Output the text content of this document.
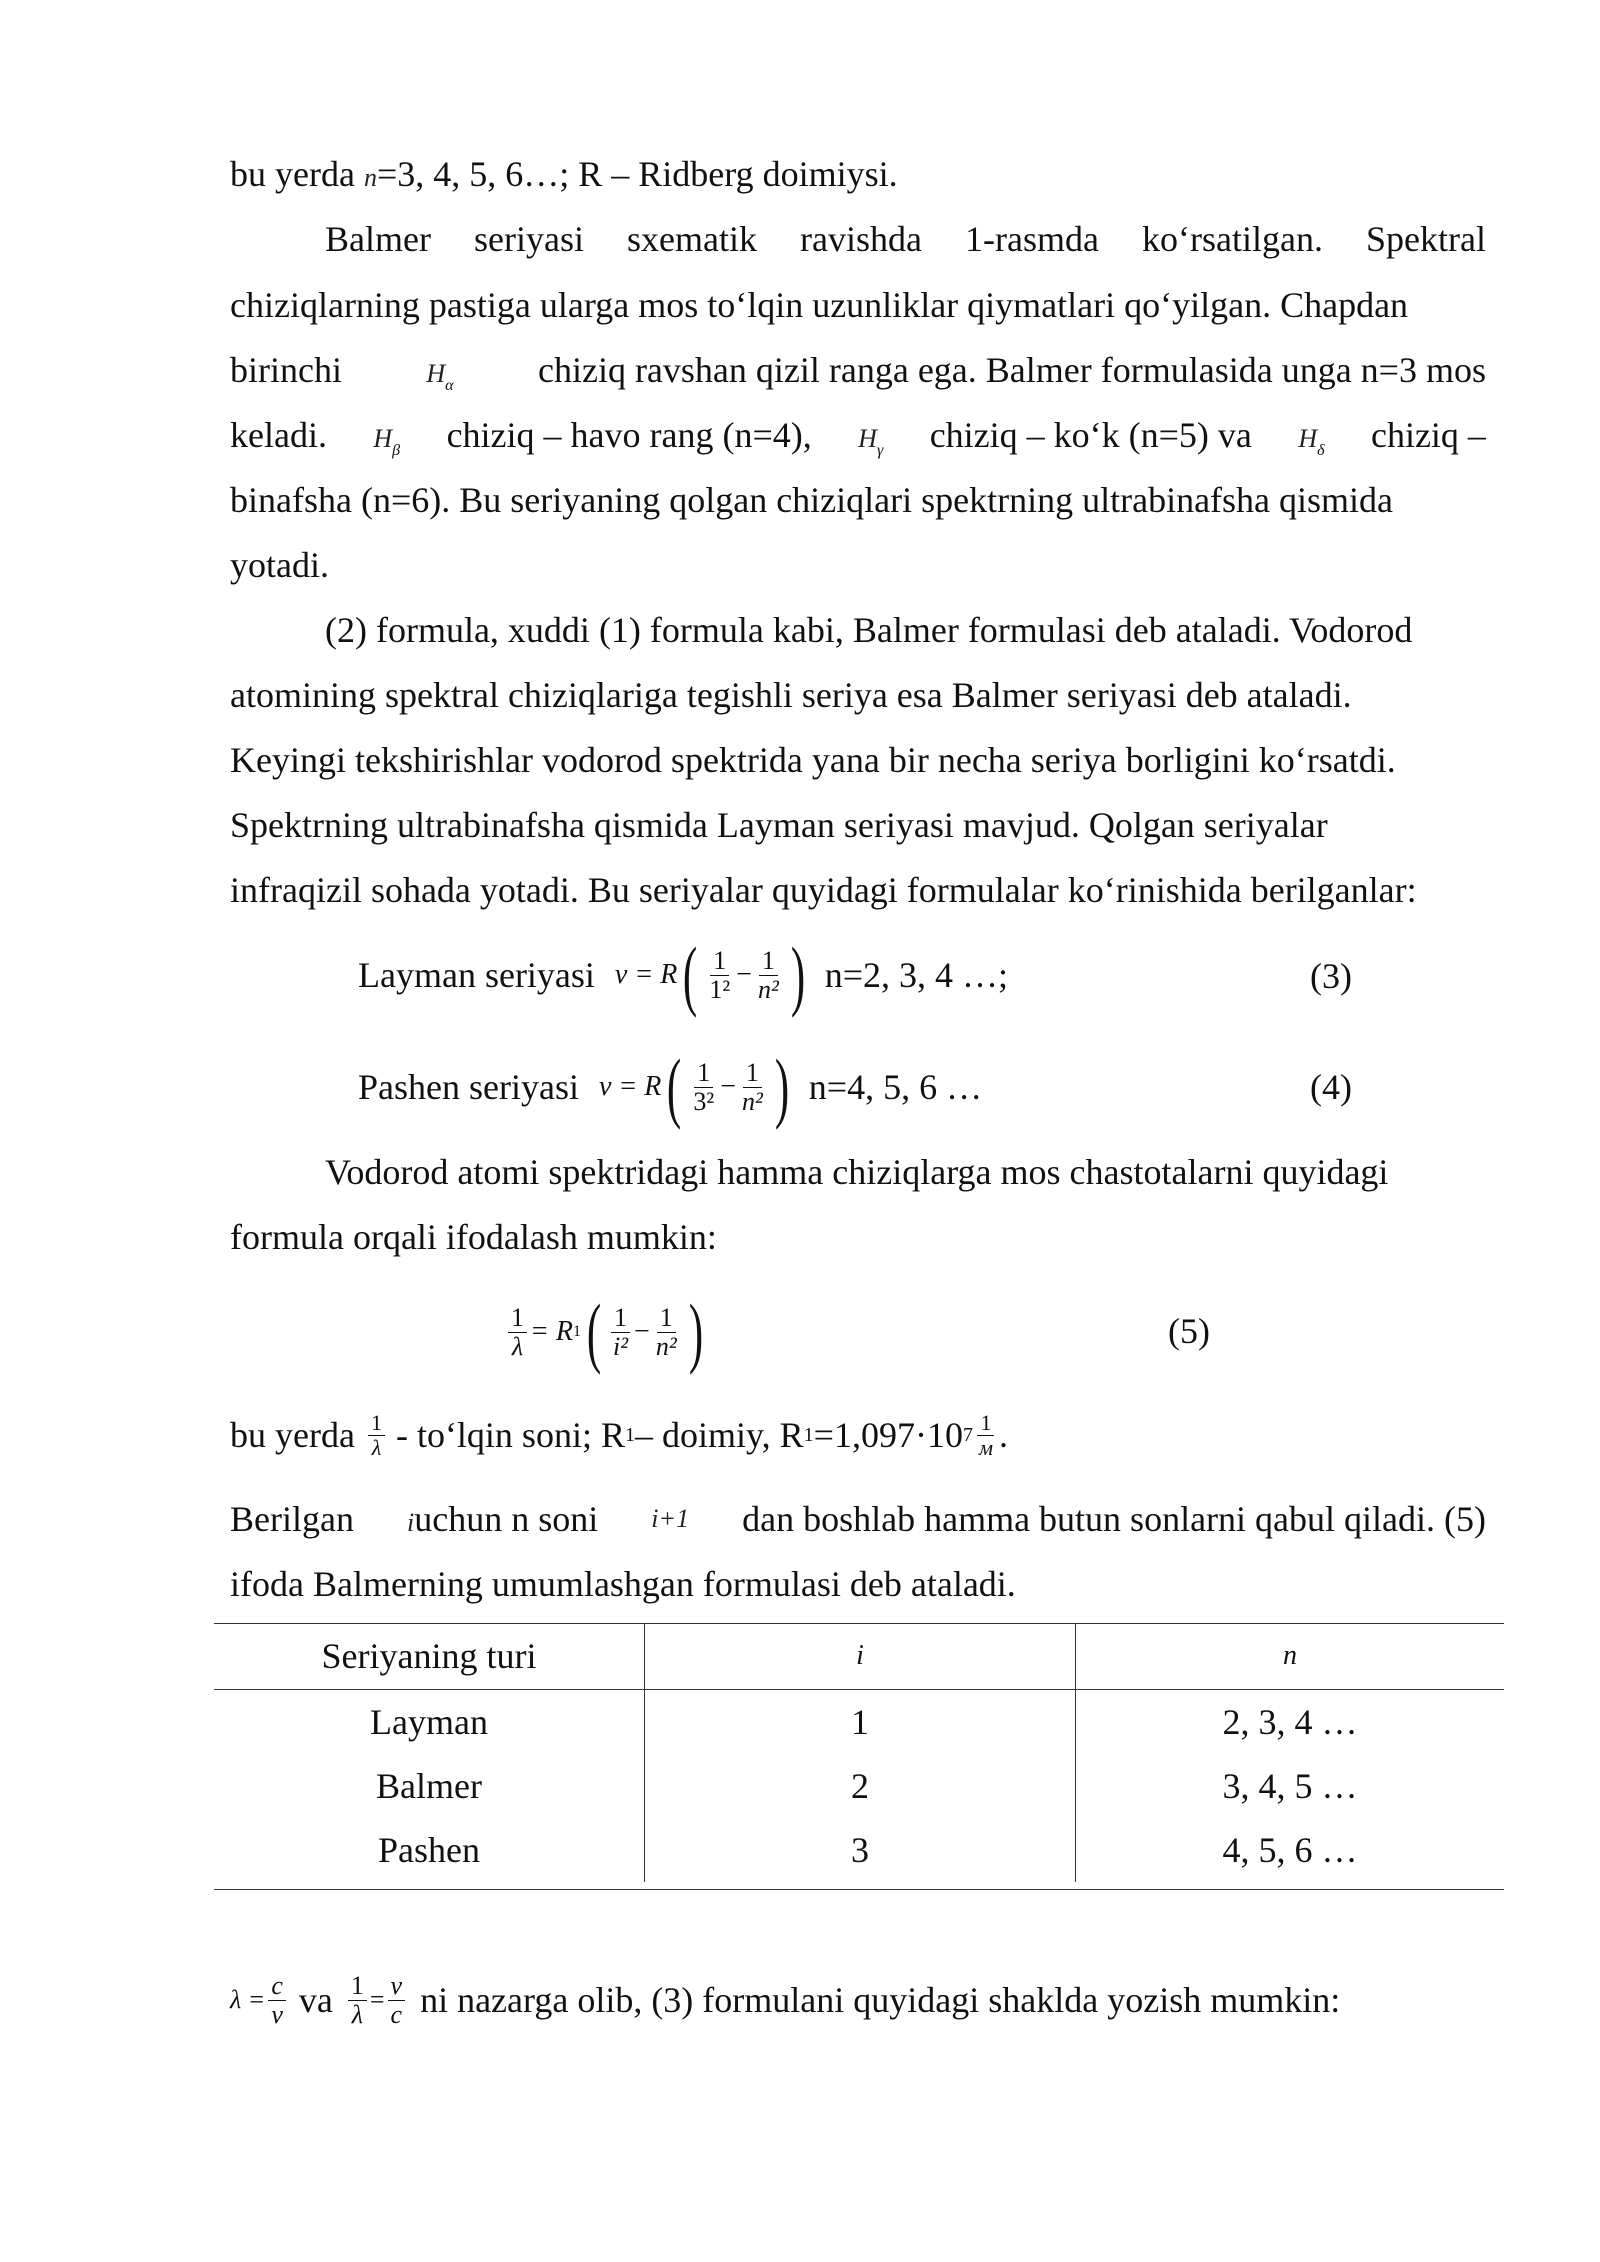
bu yerda n=3, 4, 5, 6…; R – Ridberg doimiysi.
Balmer seriyasi sxematik ravishda 1-rasmda ko‘rsatilgan. Spektral
chiziqlarning pastiga ularga mos to‘lqin uzunliklar qiymatlari qo‘yilgan. Chapdan
birinchi	$H_\alpha$ chiziq ravshan qizil ranga ega. Balmer formulasida unga n=3 mos
keladi. $H_\beta$ chiziq – havo rang (n=4), $H_\gamma$ chiziq – ko‘k (n=5) va $H_\delta$ chiziq –
binafsha (n=6). Bu seriyaning qolgan chiziqlari spektrning ultrabinafsha qismida
yotadi.
(2) formula, xuddi (1) formula kabi, Balmer formulasi deb ataladi. Vodorod
atomining spektral chiziqlariga tegishli seriya esa Balmer seriyasi deb ataladi.
Keyingi tekshirishlar vodorod spektrida yana bir necha seriya borligini ko‘rsatdi.
Spektrning ultrabinafsha qismida Layman seriyasi mavjud. Qolgan seriyalar
infraqizil sohada yotadi. Bu seriyalar quyidagi formulalar ko‘rinishida berilganlar:
Layman seriyasi ν = R ( $\frac{1}{\text{1²}} - \frac{1}{\text{n²}}$ ) n=2, 3, 4 …;	(3)
Pashen seriyasi ν = R ( $\frac{1}{\text{3²}} - \frac{1}{\text{n²}}$ ) n=4, 5, 6 …	(4)
Vodorod atomi spektridagi hamma chiziqlarga mos chastotalarni quyidagi
formula orqali ifodalash mumkin:
$\frac{1}{\lambda} = R$ 1 ( $\frac{1}{\text{i²}} - \frac{1}{\text{n²}}$ )	(5)
bu yerda $\frac{1}{\lambda}$ - to‘lqin soni; R 1 – doimiy, R 1 =1,097·10 $7 \frac{1}{м}$ .
Berilgan iuchun n soni i+1 dan boshlab hamma butun sonlarni qabul qiladi. (5)
ifoda Balmerning umumlashgan formulasi deb ataladi.
Seriyaning turi	i	n
Layman	1	2, 3, 4 …
Balmer	2	3, 4, 5 …
Pashen	3	4, 5, 6 …
$\lambda = \frac{c}{\nu}$ va $\frac{1}{\lambda} = \frac{\nu}{c}$ ni nazarga olib, (3) formulani quyidagi shaklda yozish mumkin:
